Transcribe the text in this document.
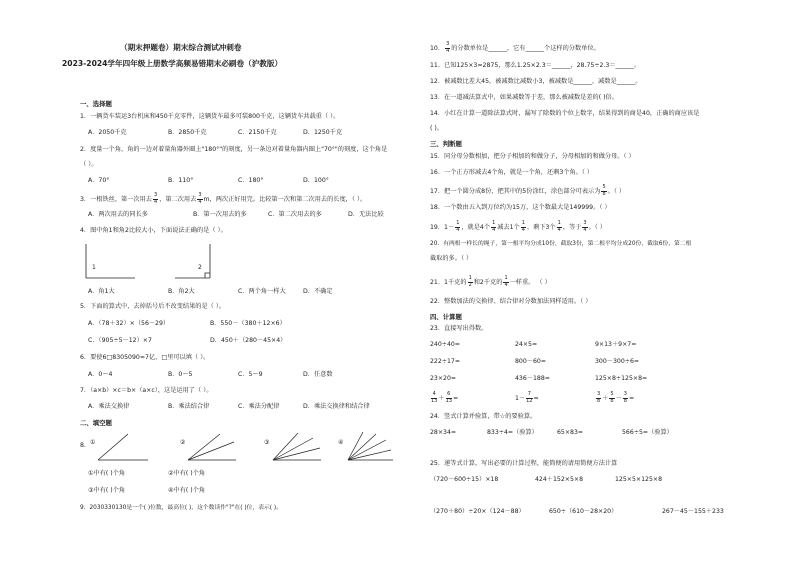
（期末押题卷）期末综合测试冲刺卷
2023-2024学年四年级上册数学高频易错期末必刷卷（沪教版）
一、选择题
1．一辆货车装运3台机床和450千克零件，这辆货车最多可装800千克，这辆货车共载重（ ）。
A．2050千克	B．2850千克	C．2150千克	D．1250千克
2．度量一个角，角的一边对着量角器外圈上"180°"的刻度，另一条边对着量角器内圈上"70°"的刻度，这个角是
（ ）。
A．70°	B．110°	C．180°	D．100°
3．一根铁丝，第一次用去 $\frac{3}{4}$ ，第二次用去 $\frac{3}{4}$ m，两次正好用完。比较第一次和第二次用去的长度，（ ）。
A．两次用去的同长多	B．第一次用去的多	C．第二次用去的多	D．无法比较
4．图中角1和角2比较大小，下面说法正确的是（ ）。
1	2
A．角1大	B．角2大	C．两个角一样大	D．不确定
5．下面的算式中，去掉括号后不改变结果的是（ ）。
A．（78＋32）×（56－29）	B．550－（380＋12×6）
C．（905÷5－12）×7	D．450＋（280－45×4）
6．要使6□8305090≈7亿，□里可以填（ ）。
A．0～4	B．0～5	C．5～9	D．任意数
7．（a×b）×c＝b×（a×c），这是运用了（ ）。
A．乘法交换律	B．乘法结合律	C．乘法分配律	D．乘法交换律和结合律
二、填空题
8． ①	②	③	④
①中有( )个角	②中有( )个角
③中有( )个角	④中有( )个角
9．2030330130是一个( )位数，最高位( )，这个数读作"?"在( )位，表示( )。
10． $\frac{3}{4}$ 的分数单位是______，它有______个这样的分数单位。
11．已知125×3=2875，那么1.25×2.3＝______，28.75÷2.3＝______。
12．被减数比差大45，被减数比减数小3，被减数是______，减数是______。
13．在一道减法算式中，如果减数等于差，那么被减数是差的( )倍。
14．小红在计算一道除法算式时，漏写了除数的个位上数字，结果得到的商是40，正确的商应该是
( )。
三、判断题
15．同分母分数相加，把分子相加的和做分子，分母相加的和做分母。（ ）
16．一个正方形减去4个角，就是一个角，还剩3个角。（ ）
17．把一个圆分成8份，把其中的5份涂红，涂色部分可表示为 $\frac{5}{8}$ 。（ ）
18．一个数由五入到万位约为15万，这个数最大是149999。（ ）
19．$1- \frac{1}{4}$ ，就是4个 $\frac{1}{4}$ 减去1个 $\frac{1}{4}$ ，剩下3个 $\frac{1}{4}$ ，等于 $\frac{3}{4}$ 。（ ）
20．有两根一样长的绳子，第一根平均分成10份，截取3份，第二根平均分成20份，截取6份，第二根
截取的多。（ ）
21．1千克的 $\frac{1}{2}$ 和2千克的 $\frac{1}{4}$ 一样重。 （ ）
22．整数加法的交换律、结合律对分数加法同样适用。（ ）
四、计算题
23．直接写出得数。
240÷40=	24×5=	9×13＋9×7=
222÷17=	800－60=	300－300÷6=
23×20=	436－188=	125×8÷125×8=
$\frac{4}{13} + \frac{6}{13}$ =	$1- \frac{7}{12}$ =	$\frac{3}{8} + \frac{5}{8} - \frac{3}{8}$ =
24．竖式计算并验算，带☆的要验算。
28×34=	833÷4=（验算）	65×83=	566÷5=（验算）
25．递等式计算，写出必要的计算过程，能简便的请用简便方法计算
（720－600÷15）×18	424＋152×5×8	125×5×125×8
（270＋80）÷20×（124－88）	650÷（610－28×20）	267－45－155＋233
